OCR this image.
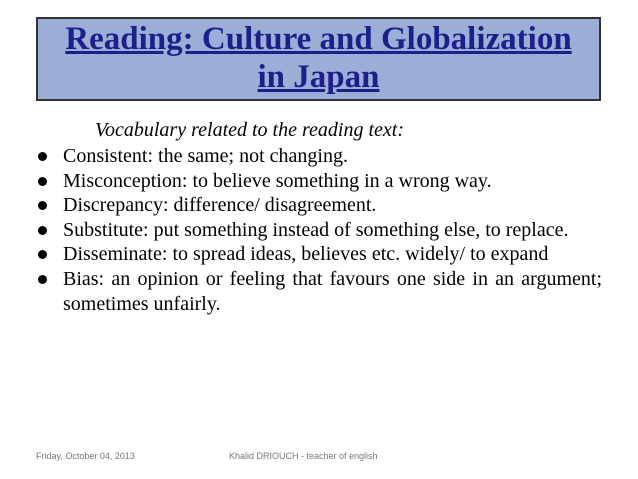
Reading: Culture and Globalization
in Japan
Vocabulary related to the reading text:
Consistent: the same; not changing.
Misconception: to believe something in a wrong way.
Discrepancy: difference/ disagreement.
Substitute: put something instead of something else, to replace.
Disseminate: to spread ideas, believes etc. widely/ to expand
Bias: an opinion or feeling that favours one side in an argument; sometimes unfairly.
Friday, October 04, 2013	Khalid DRIOUCH - teacher of english
